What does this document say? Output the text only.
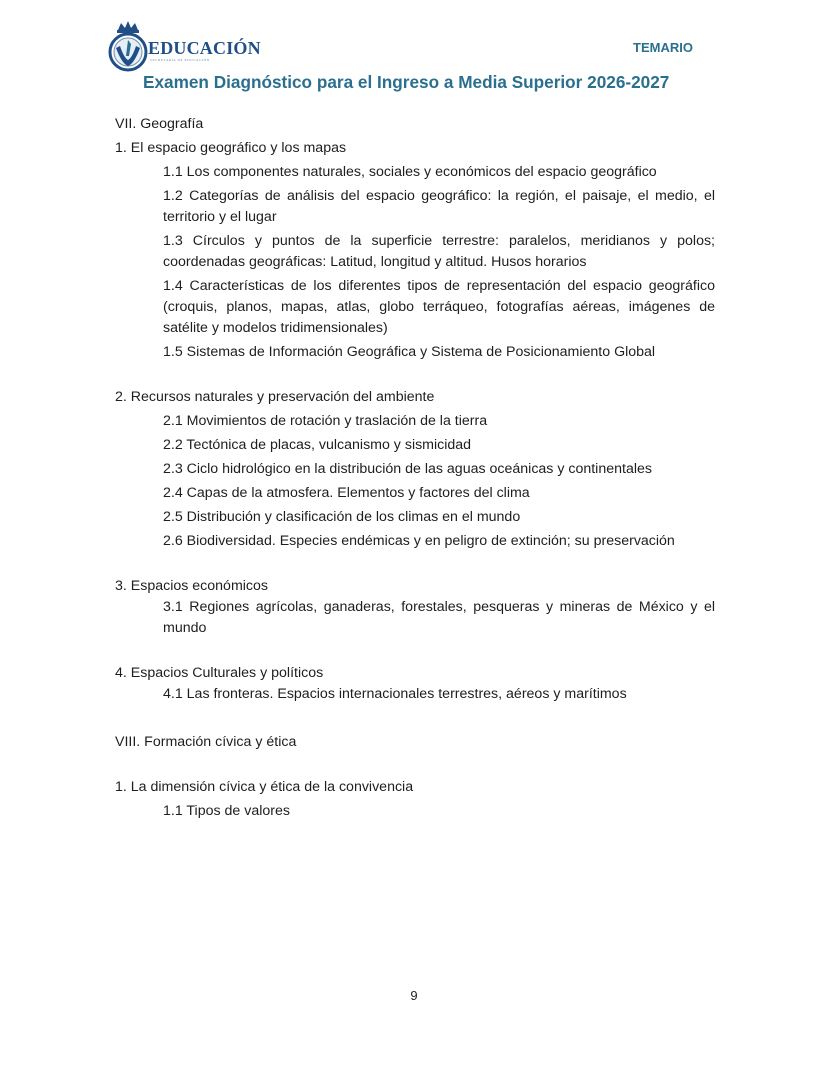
EDUCACIÓN
SECRETARÍA DE EDUCACIÓN
TEMARIO
Examen Diagnóstico para el Ingreso a Media Superior 2026-2027

VII. Geografía

1. El espacio geográfico y los mapas

1.1 Los componentes naturales, sociales y económicos del espacio geográfico

1.2 Categorías de análisis del espacio geográfico: la región, el paisaje, el medio, el territorio y el lugar

1.3 Círculos y puntos de la superficie terrestre: paralelos, meridianos y polos; coordenadas geográficas: Latitud, longitud y altitud. Husos horarios

1.4 Características de los diferentes tipos de representación del espacio geográfico (croquis, planos, mapas, atlas, globo terráqueo, fotografías aéreas, imágenes de satélite y modelos tridimensionales)

1.5 Sistemas de Información Geográfica y Sistema de Posicionamiento Global

2. Recursos naturales y preservación del ambiente

2.1 Movimientos de rotación y traslación de la tierra

2.2 Tectónica de placas, vulcanismo y sismicidad

2.3 Ciclo hidrológico en la distribución de las aguas oceánicas y continentales

2.4 Capas de la atmosfera. Elementos y factores del clima

2.5 Distribución y clasificación de los climas en el mundo

2.6 Biodiversidad. Especies endémicas y en peligro de extinción; su preservación

3. Espacios económicos

3.1 Regiones agrícolas, ganaderas, forestales, pesqueras y mineras de México y el mundo

4. Espacios Culturales y políticos

4.1 Las fronteras. Espacios internacionales terrestres, aéreos y marítimos

VIII. Formación cívica y ética

1. La dimensión cívica y ética de la convivencia

1.1 Tipos de valores

9
